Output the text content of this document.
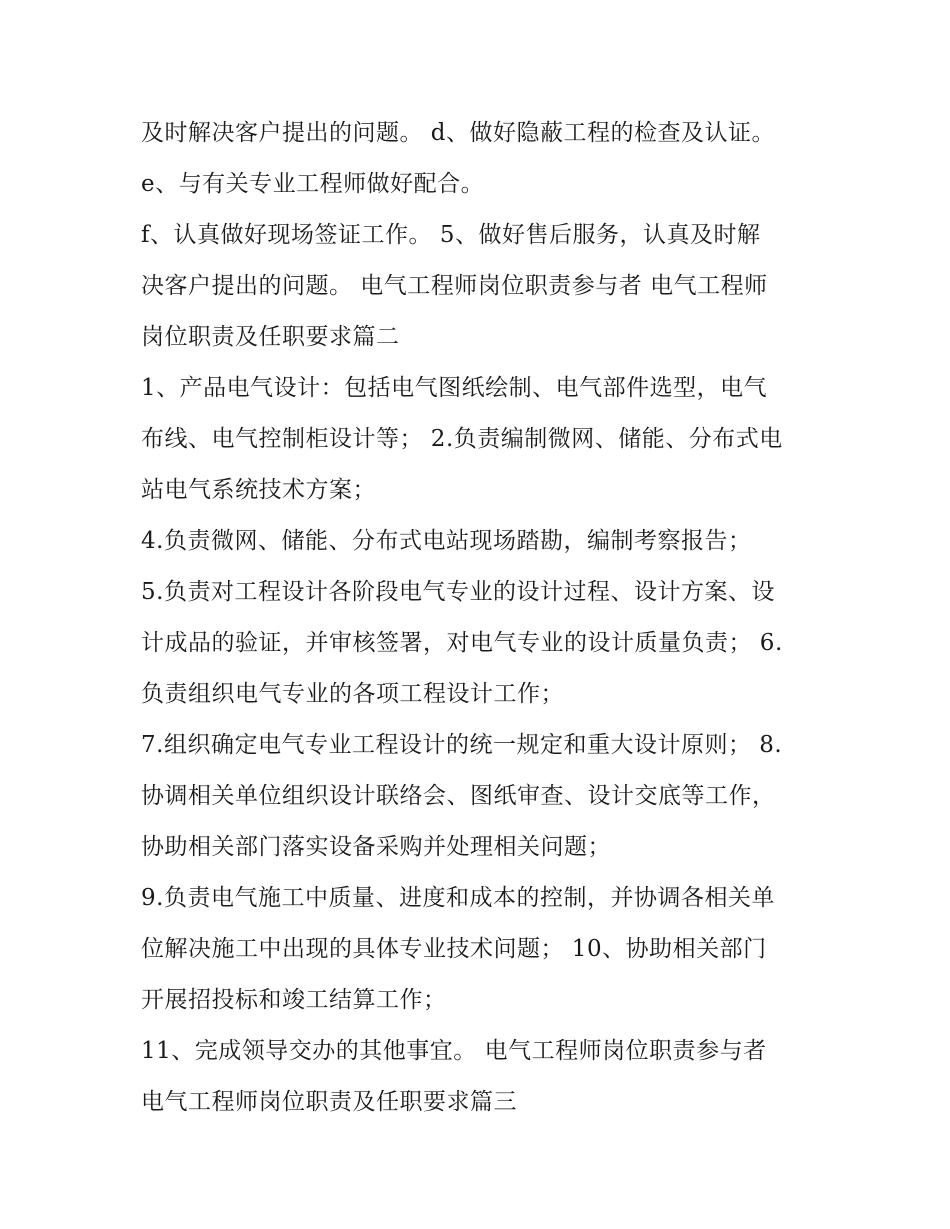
及时解决客户提出的问题。 d、做好隐蔽工程的检查及认证。
e、与有关专业工程师做好配合。
f、认真做好现场签证工作。 5、做好售后服务，认真及时解
决客户提出的问题。 电气工程师岗位职责参与者 电气工程师
岗位职责及任职要求篇二
1、产品电气设计：包括电气图纸绘制、电气部件选型，电气
布线、电气控制柜设计等； 2.负责编制微网、储能、分布式电
站电气系统技术方案；
4.负责微网、储能、分布式电站现场踏勘，编制考察报告；
5.负责对工程设计各阶段电气专业的设计过程、设计方案、设
计成品的验证，并审核签署，对电气专业的设计质量负责； 6.
负责组织电气专业的各项工程设计工作；
7.组织确定电气专业工程设计的统一规定和重大设计原则； 8.
协调相关单位组织设计联络会、图纸审查、设计交底等工作，
协助相关部门落实设备采购并处理相关问题；
9.负责电气施工中质量、进度和成本的控制，并协调各相关单
位解决施工中出现的具体专业技术问题； 10、协助相关部门
开展招投标和竣工结算工作；
11、完成领导交办的其他事宜。 电气工程师岗位职责参与者
电气工程师岗位职责及任职要求篇三
